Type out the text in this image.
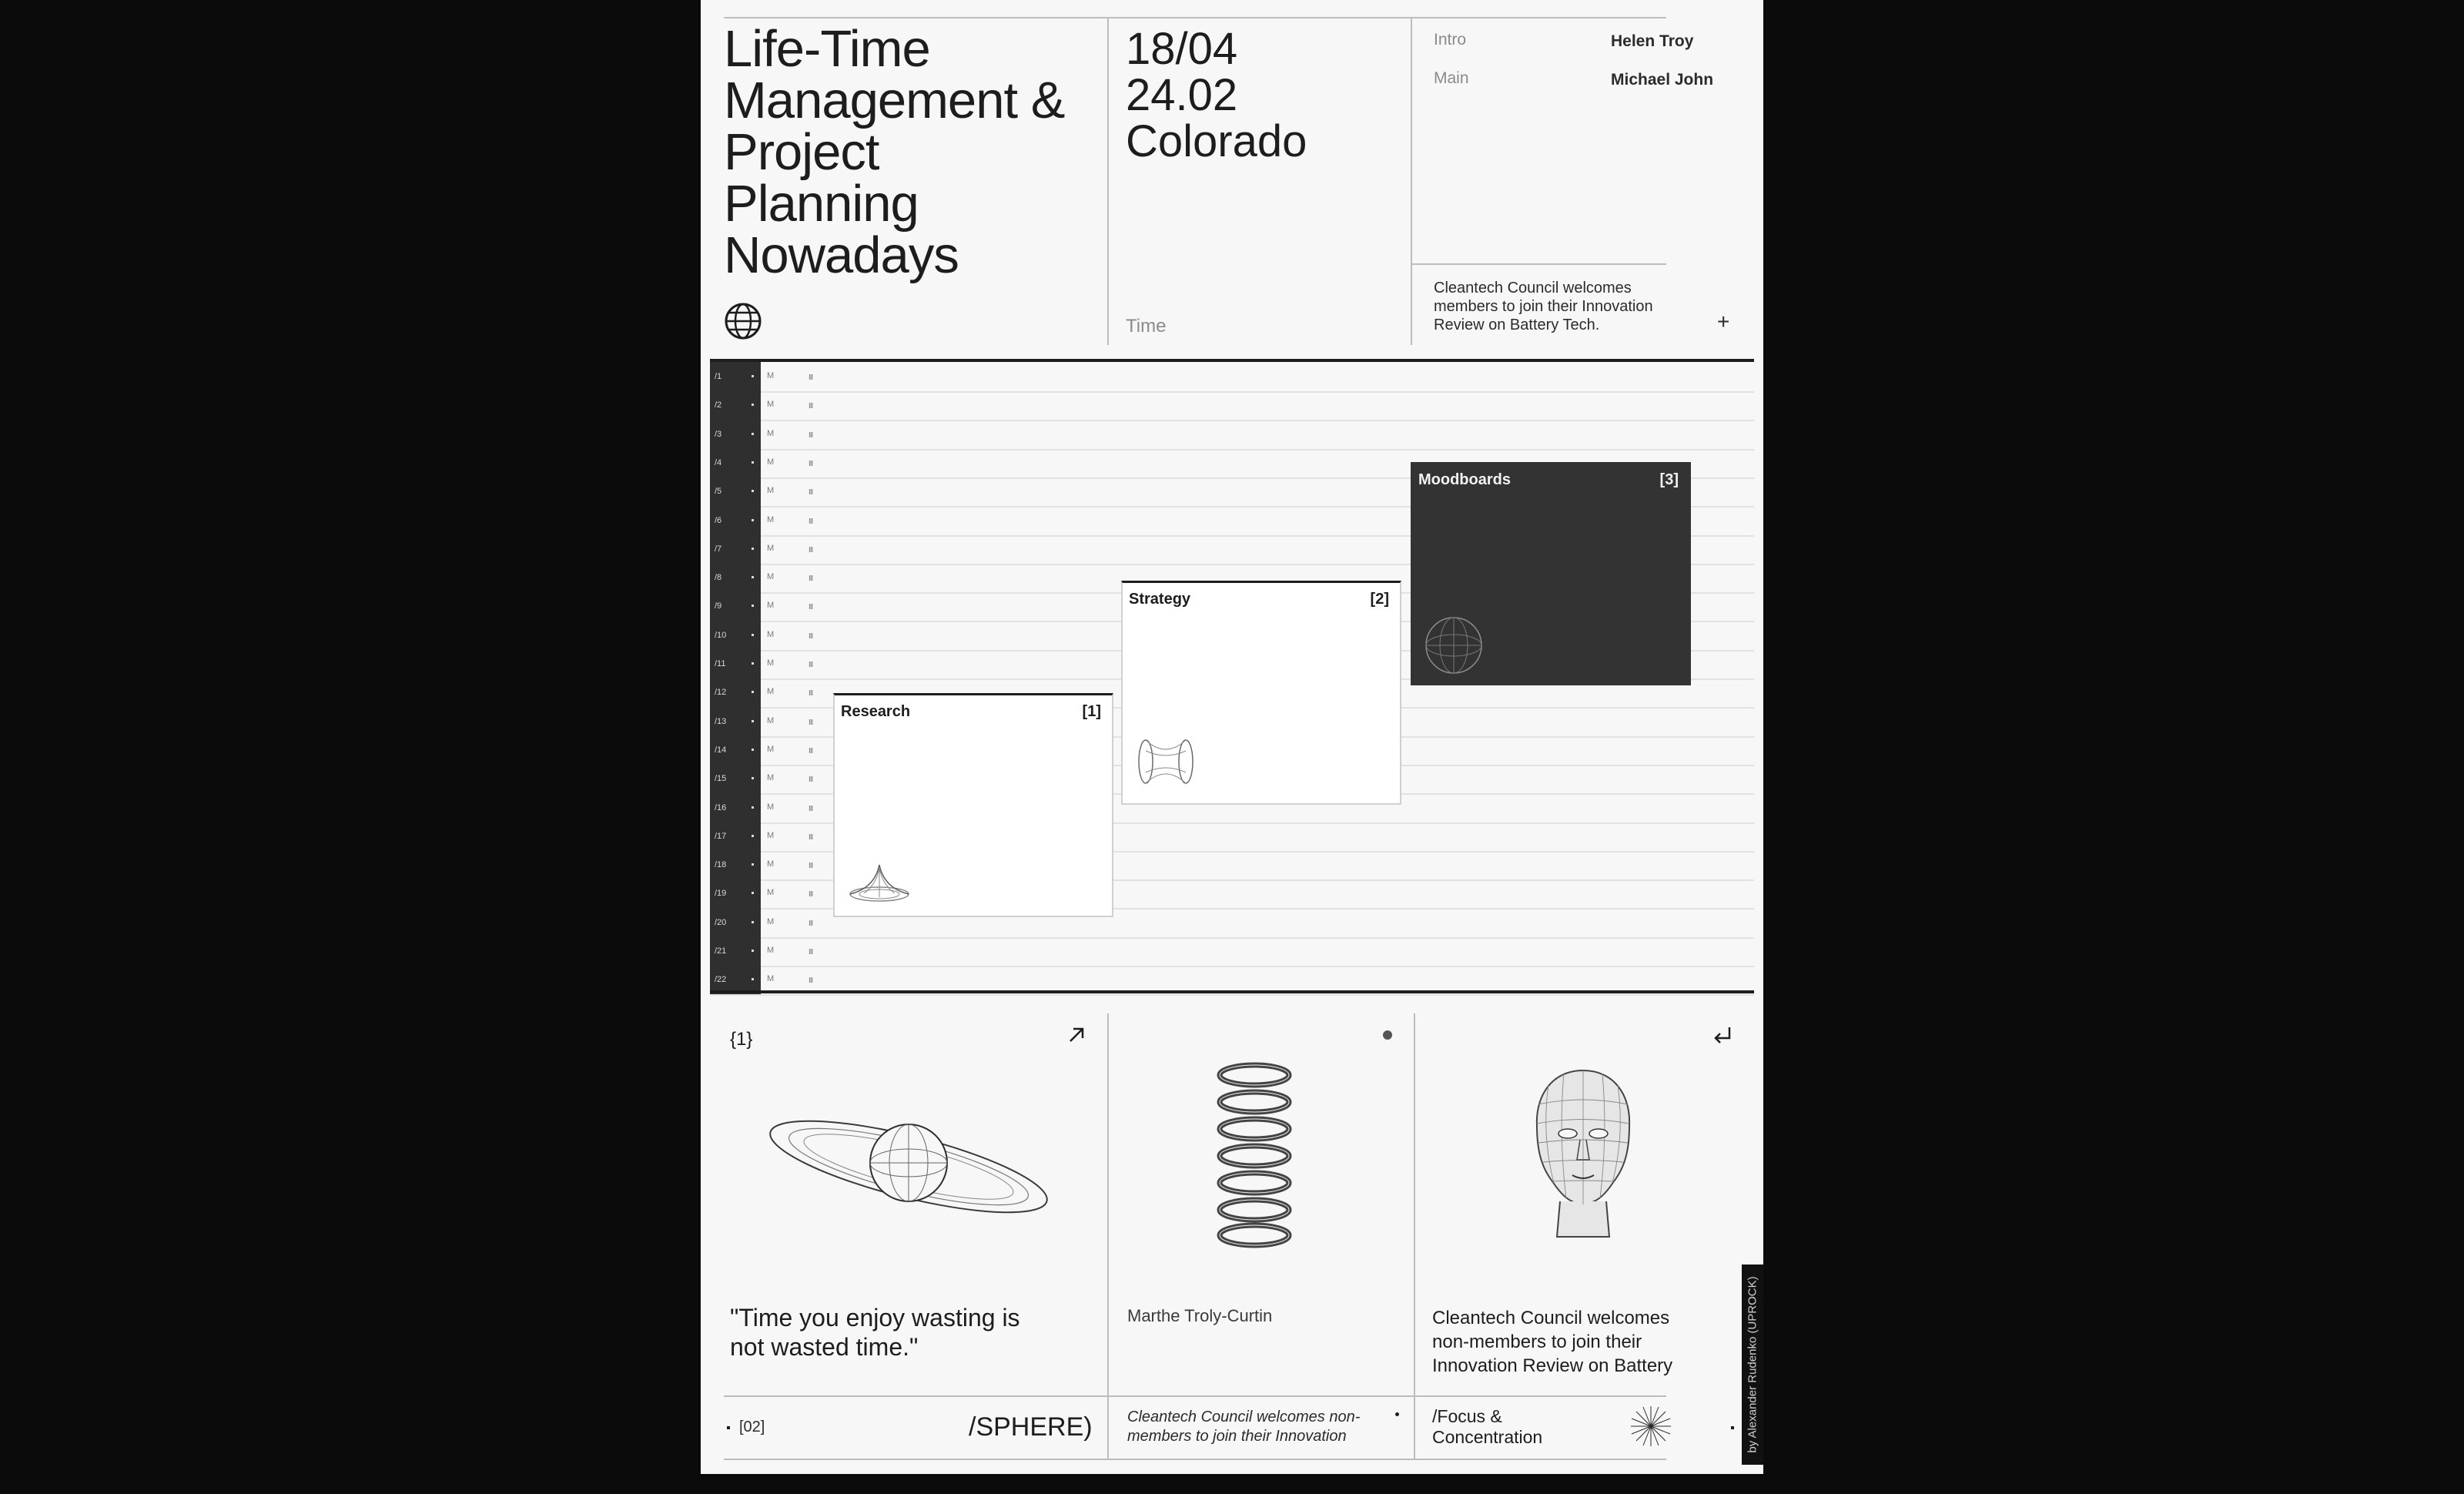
Life-Time Management & Project Planning Nowadays
18/04
24.02
Colorado
Time
Intro	Helen Troy
Main	Michael John
Cleantech Council welcomes members to join their Innovation Review on Battery Tech.	+
/1	M	III
/2	M	III
/3	M	III
/4	M	III
/5	M	III
/6	M	III
/7	M	III
/8	M	III
/9	M	III
/10	M	III
/11	M	III
/12	M	III
/13	M	III
/14	M	III
/15	M	III
/16	M	III
/17	M	III
/18	M	III
/19	M	III
/20	M	III
/21	M	III
/22	M	III
Research	[1]
Strategy	[2]
Moodboards	[3]
{1}
"Time you enjoy wasting is not wasted time."
[02]	/SPHERE)
Marthe Troly-Curtin
Cleantech Council welcomes non-members to join their Innovation
Cleantech Council welcomes non-members to join their Innovation Review on Battery
/Focus & Concentration	by Alexander Rudenko (UPROCK)
